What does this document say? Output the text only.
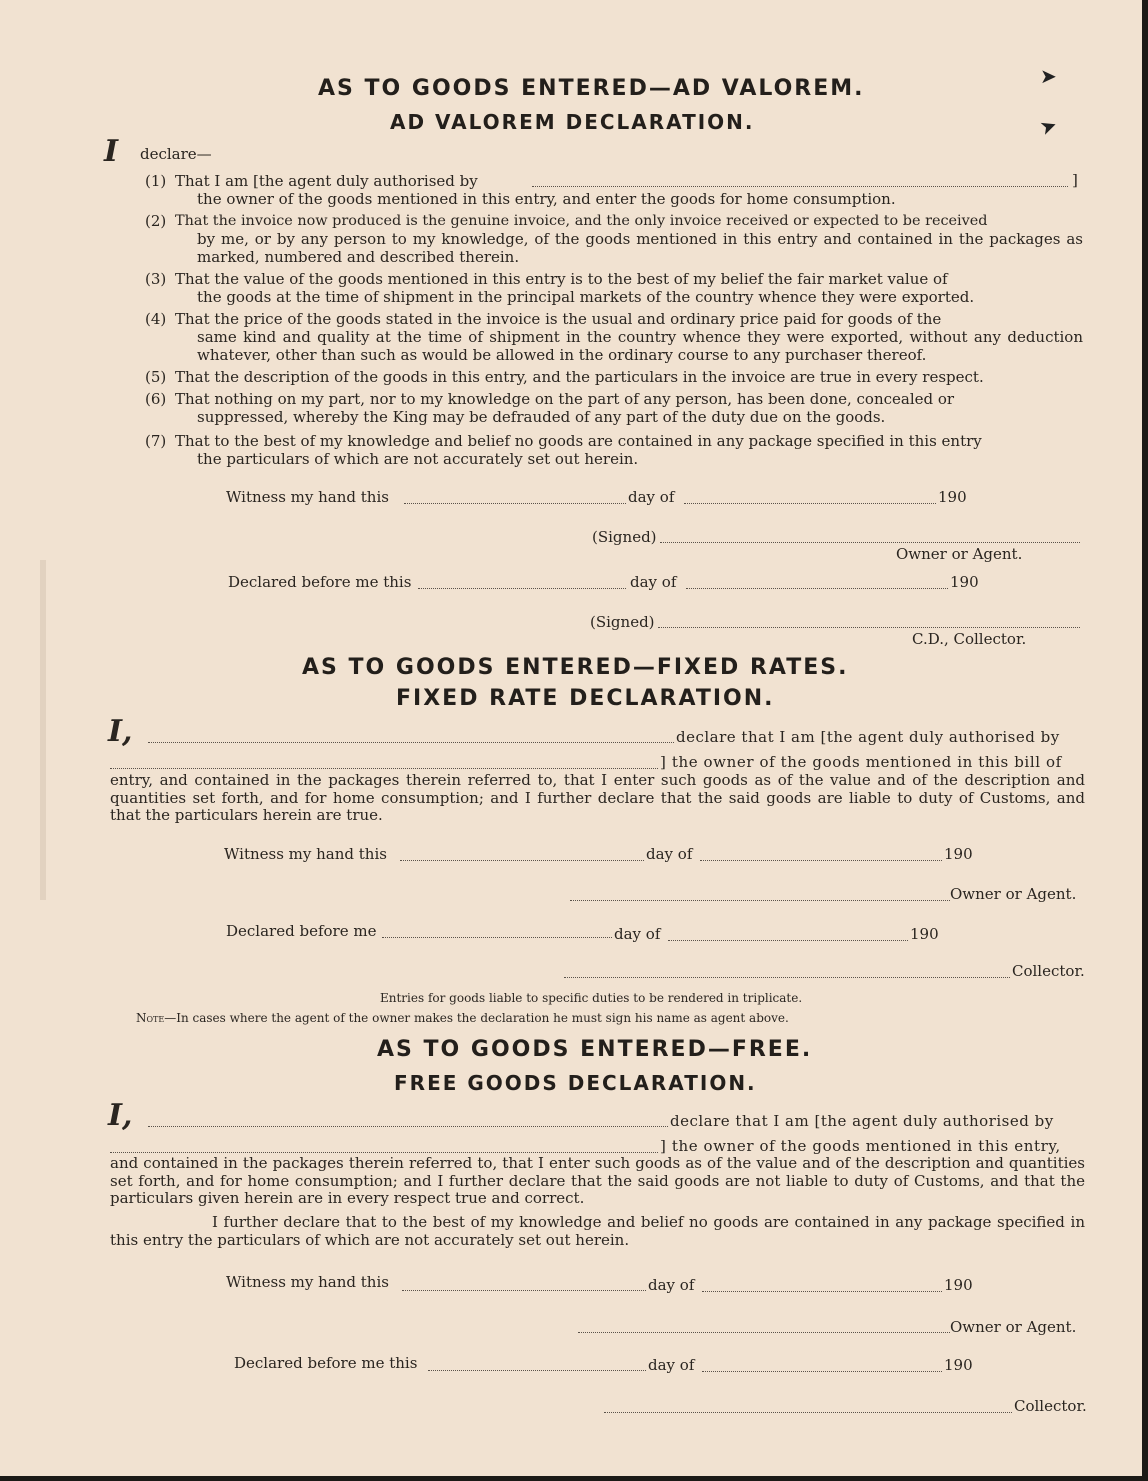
➤
➤
AS TO GOODS ENTERED—AD VALOREM.
AD VALOREM DECLARATION.
I declare—
(1) That I am [the agent duly authorised by
the owner of the goods mentioned in this entry, and enter the goods for home consumption.
]
(2) That the invoice now produced is the genuine invoice, and the only invoice received or expected to be received
by me, or by any person to my knowledge, of the goods mentioned in this entry and contained in the packages as marked, numbered and described therein.
(3) That the value of the goods mentioned in this entry is to the best of my belief the fair market value of
the goods at the time of shipment in the principal markets of the country whence they were exported.
(4) That the price of the goods stated in the invoice is the usual and ordinary price paid for goods of the
same kind and quality at the time of shipment in the country whence they were exported, without any deduction whatever, other than such as would be allowed in the ordinary course to any purchaser thereof.
(5) That the description of the goods in this entry, and the particulars in the invoice are true in every respect.
(6) That nothing on my part, nor to my knowledge on the part of any person, has been done, concealed or
suppressed, whereby the King may be defrauded of any part of the duty due on the goods.
(7) That to the best of my knowledge and belief no goods are contained in any package specified in this entry
the particulars of which are not accurately set out herein.
Witness my hand this	day of	190
(Signed)
Owner or Agent.
Declared before me this	day of	190
(Signed)
C.D., Collector.
AS TO GOODS ENTERED—FIXED RATES.
FIXED RATE DECLARATION.
I,	declare that I am [the agent duly authorised by
] the owner of the goods mentioned in this bill of
entry, and contained in the packages therein referred to, that I enter such goods as of the value and of the description and quantities set forth, and for home consumption; and I further declare that the said goods are liable to duty of Customs, and that the particulars herein are true.
Witness my hand this	day of	190
Owner or Agent.
Declared before me	day of	190
Collector.
Entries for goods liable to specific duties to be rendered in triplicate.
Note—In cases where the agent of the owner makes the declaration he must sign his name as agent above.
AS TO GOODS ENTERED—FREE.
FREE GOODS DECLARATION.
I,	declare that I am [the agent duly authorised by
] the owner of the goods mentioned in this entry,
and contained in the packages therein referred to, that I enter such goods as of the value and of the description and quantities set forth, and for home consumption; and I further declare that the said goods are not liable to duty of Customs, and that the particulars given herein are in every respect true and correct.
I further declare that to the best of my knowledge and belief no goods are contained in any package specified in this entry the particulars of which are not accurately set out herein.
Witness my hand this	day of	190
Owner or Agent.
Declared before me this	day of	190
Collector.
